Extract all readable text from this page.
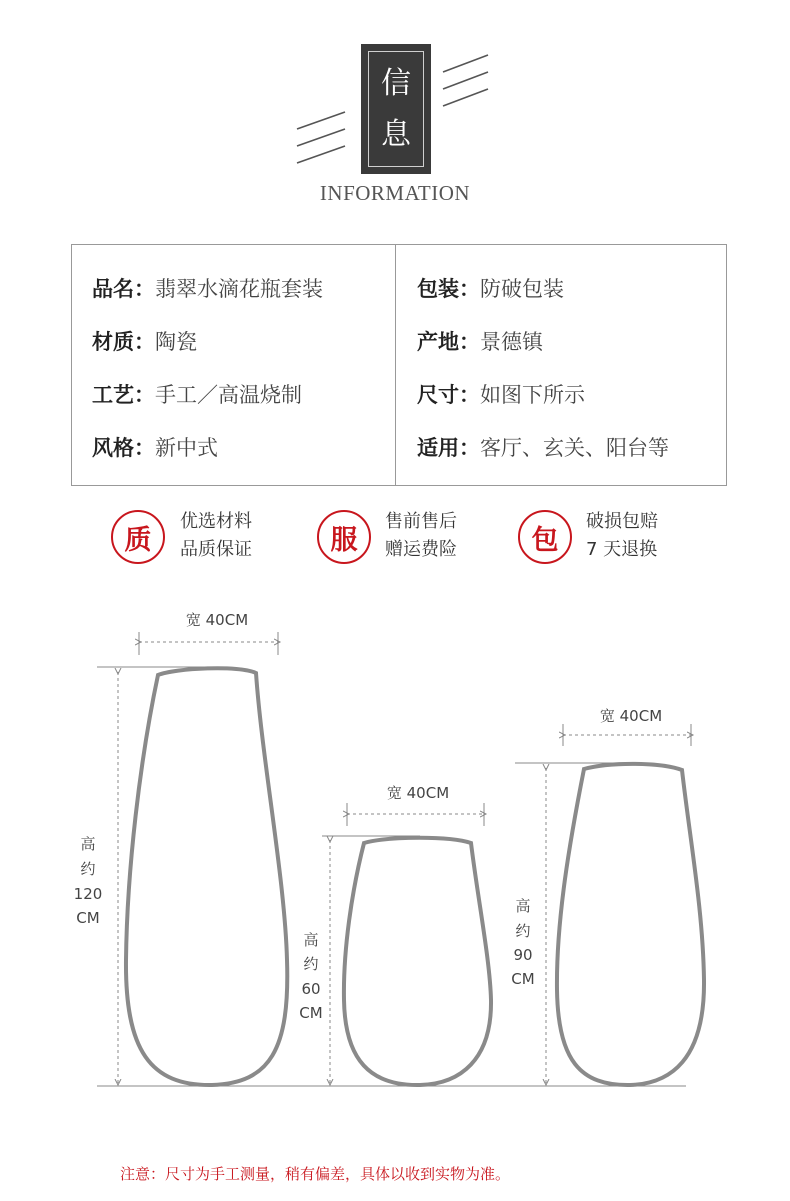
信
息
INFORMATION
品名：翡翠水滴花瓶套装
材质：陶瓷
工艺：手工／高温烧制
风格：新中式
包装：防破包装
产地：景德镇
尺寸：如图下所示
适用：客厅、玄关、阳台等
质
优选材料
品质保证	服
售前售后
赠运费险	包
破损包赔
7 天退换
宽 40CM
高
约
120
CM
宽 40CM
高
约
60
CM
宽 40CM
高
约
90
CM
注意：尺寸为手工测量，稍有偏差，具体以收到实物为准。
